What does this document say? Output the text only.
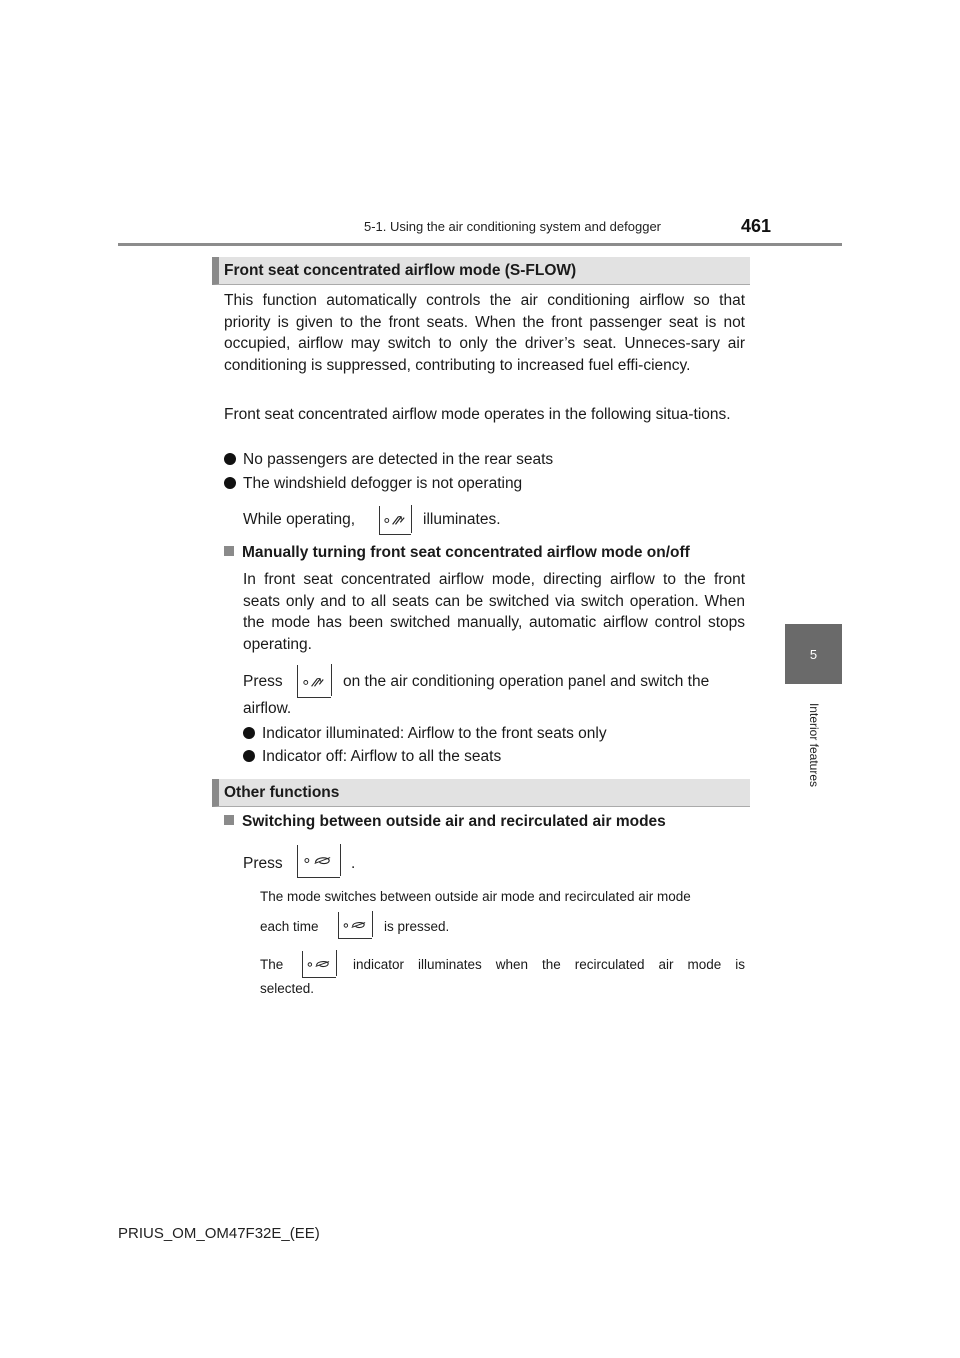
5-1. Using the air conditioning system and defogger	461
5
Interior features
Front seat concentrated airflow mode (S-FLOW)
This function automatically controls the air conditioning airflow so that priority is given to the front seats. When the front passenger seat is not occupied, airflow may switch to only the driver’s seat. Unneces-sary air conditioning is suppressed, contributing to increased fuel effi-ciency.
Front seat concentrated airflow mode operates in the following situa-tions.
No passengers are detected in the rear seats
The windshield defogger is not operating
While operating,	illuminates.
Manually turning front seat concentrated airflow mode on/off
In front seat concentrated airflow mode, directing airflow to the front seats only and to all seats can be switched via switch operation. When the mode has been switched manually, automatic airflow control stops operating.
Press	on the air conditioning operation panel and switch the
airflow.
Indicator illuminated: Airflow to the front seats only
Indicator off: Airflow to all the seats
Other functions
Switching between outside air and recirculated air modes
Press	.
The mode switches between outside air mode and recirculated air mode
each time	is pressed.
The	indicator illuminates when the recirculated air mode is
selected.
PRIUS_OM_OM47F32E_(EE)
